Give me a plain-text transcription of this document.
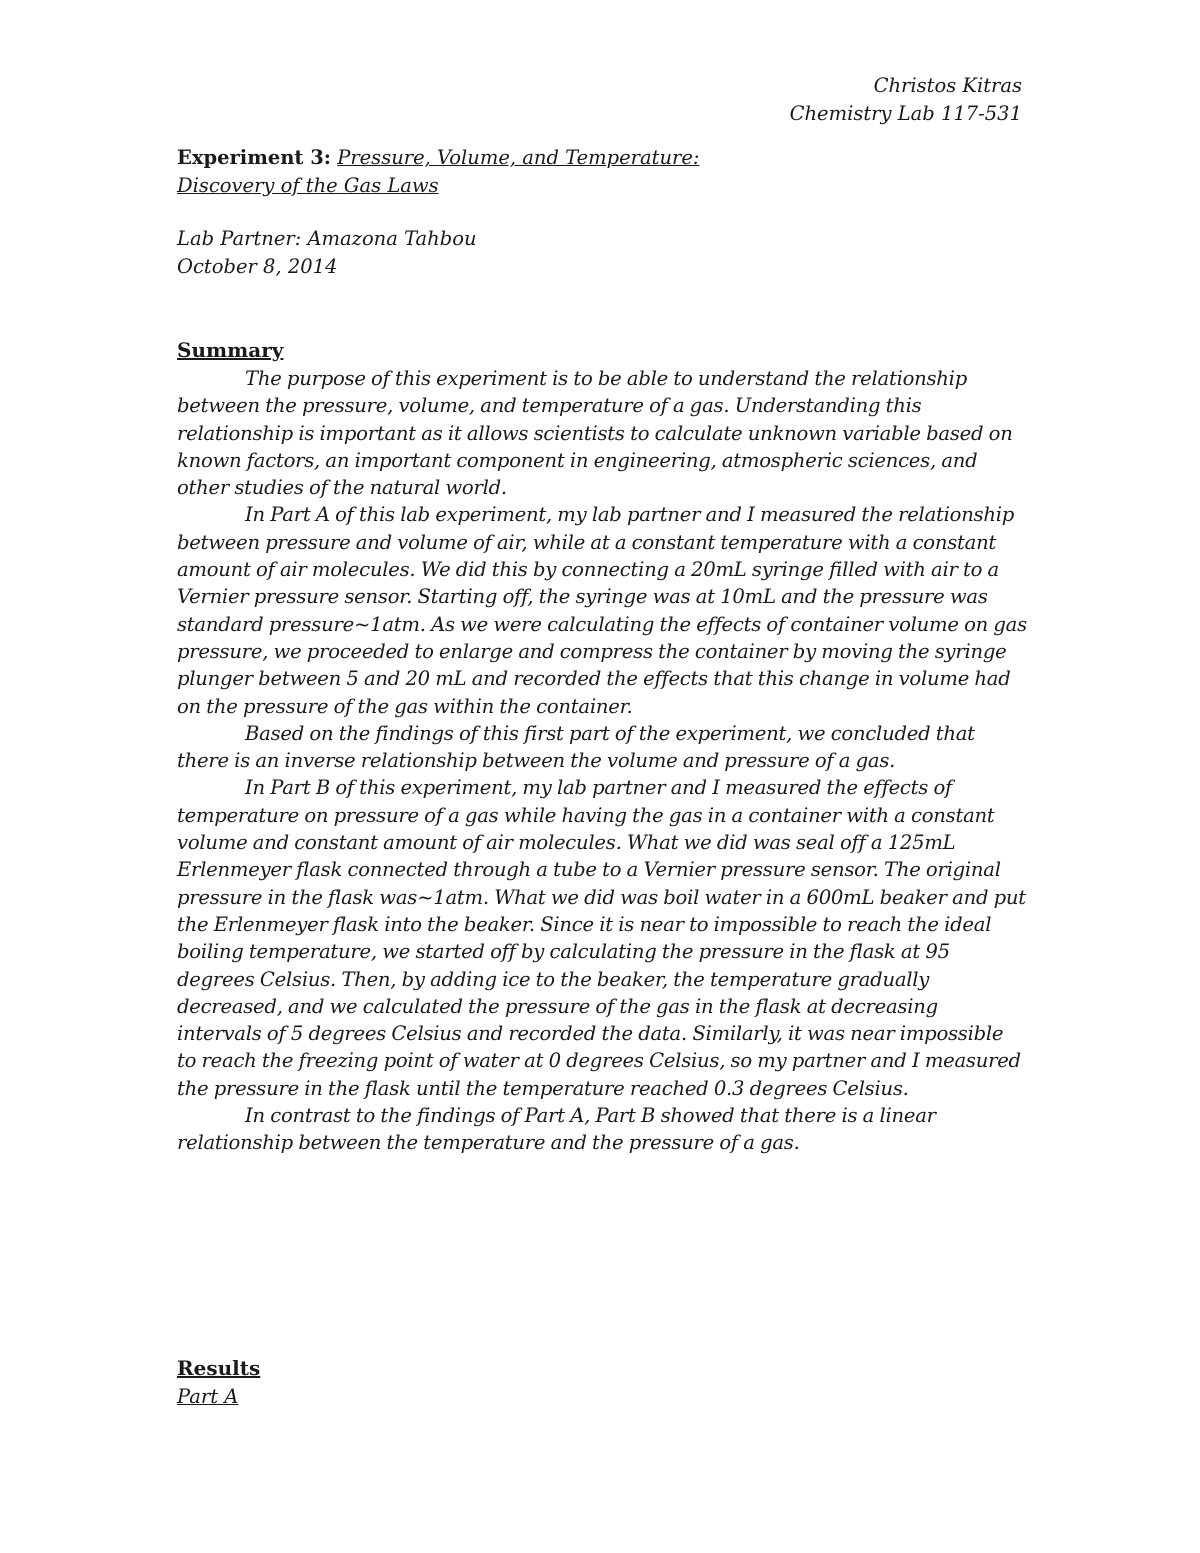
Christos Kitras
Chemistry Lab 117-531
Experiment 3: Pressure, Volume, and Temperature:
Discovery of the Gas Laws
Lab Partner: Amazona Tahbou
October 8, 2014
Summary

The purpose of this experiment is to be able to understand the relationship between the pressure, volume, and temperature of a gas. Understanding this relationship is important as it allows scientists to calculate unknown variable based on known factors, an important component in engineering, atmospheric sciences, and other studies of the natural world.

In Part A of this lab experiment, my lab partner and I measured the relationship between pressure and volume of air, while at a constant temperature with a constant amount of air molecules. We did this by connecting a 20mL syringe filled with air to a Vernier pressure sensor. Starting off, the syringe was at 10mL and the pressure was standard pressure~1atm. As we were calculating the effects of container volume on gas pressure, we proceeded to enlarge and compress the container by moving the syringe plunger between 5 and 20 mL and recorded the effects that this change in volume had on the pressure of the gas within the container.

Based on the findings of this first part of the experiment, we concluded that there is an inverse relationship between the volume and pressure of a gas.

In Part B of this experiment, my lab partner and I measured the effects of temperature on pressure of a gas while having the gas in a container with a constant volume and constant amount of air molecules. What we did was seal off a 125mL Erlenmeyer flask connected through a tube to a Vernier pressure sensor. The original pressure in the flask was~1atm. What we did was boil water in a 600mL beaker and put the Erlenmeyer flask into the beaker. Since it is near to impossible to reach the ideal boiling temperature, we started off by calculating the pressure in the flask at 95 degrees Celsius. Then, by adding ice to the beaker, the temperature gradually decreased, and we calculated the pressure of the gas in the flask at decreasing intervals of 5 degrees Celsius and recorded the data. Similarly, it was near impossible to reach the freezing point of water at 0 degrees Celsius, so my partner and I measured the pressure in the flask until the temperature reached 0.3 degrees Celsius.

In contrast to the findings of Part A, Part B showed that there is a linear relationship between the temperature and the pressure of a gas.

Results
Part A
